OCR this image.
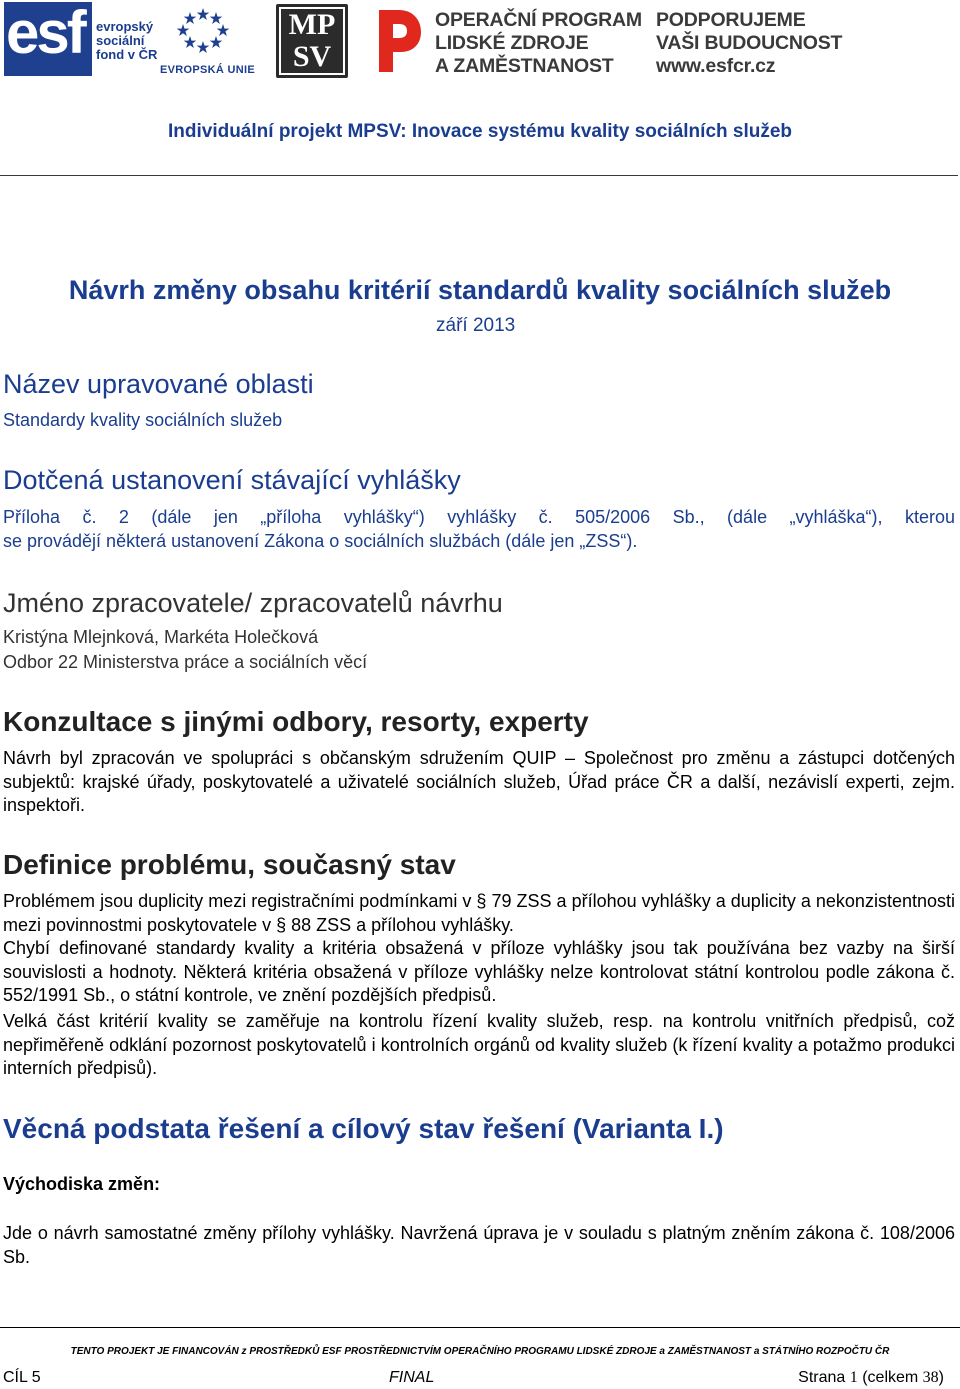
esf evropský
sociální
fond v ČR
EVROPSKÁ UNIE
MP
SV
OPERAČNÍ PROGRAM
LIDSKÉ ZDROJE
A ZAMĚSTNANOST
PODPORUJEME
VAŠI BUDOUCNOST
www.esfcr.cz
Individuální projekt MPSV: Inovace systému kvality sociálních služeb
Návrh změny obsahu kritérií standardů kvality sociálních služeb
září 2013
Název upravované oblasti
Standardy kvality sociálních služeb
Dotčená ustanovení stávající vyhlášky
Příloha č. 2 (dále jen „příloha vyhlášky“) vyhlášky č. 505/2006 Sb., (dále „vyhláška“), kterou
se provádějí některá ustanovení Zákona o sociálních službách (dále jen „ZSS“).
Jméno zpracovatele/ zpracovatelů návrhu
Kristýna Mlejnková, Markéta Holečková
Odbor 22 Ministerstva práce a sociálních věcí
Konzultace s jinými odbory, resorty, experty
Návrh byl zpracován ve spolupráci s občanským sdružením QUIP – Společnost pro změnu a zástupci dotčených subjektů: krajské úřady, poskytovatelé a uživatelé sociálních služeb, Úřad práce ČR a další, nezávislí experti, zejm. inspektoři.
Definice problému, současný stav
Problémem jsou duplicity mezi registračními podmínkami v § 79 ZSS a přílohou vyhlášky a duplicity a nekonzistentnosti mezi povinnostmi poskytovatele v § 88 ZSS a přílohou vyhlášky.
Chybí definované standardy kvality a kritéria obsažená v příloze vyhlášky jsou tak používána bez vazby na širší souvislosti a hodnoty. Některá kritéria obsažená v příloze vyhlášky nelze kontrolovat státní kontrolou podle zákona č. 552/1991 Sb., o státní kontrole, ve znění pozdějších předpisů.
Velká část kritérií kvality se zaměřuje na kontrolu řízení kvality služeb, resp. na kontrolu vnitřních předpisů, což nepřiměřeně odklání pozornost poskytovatelů i kontrolních orgánů od kvality služeb (k řízení kvality a potažmo produkci interních předpisů).
Věcná podstata řešení a cílový stav řešení (Varianta I.)
Východiska změn:
Jde o návrh samostatné změny přílohy vyhlášky. Navržená úprava je v souladu s platným zněním zákona č. 108/2006 Sb.
TENTO PROJEKT JE FINANCOVÁN z PROSTŘEDKŮ ESF PROSTŘEDNICTVÍM OPERAČNÍHO PROGRAMU LIDSKÉ ZDROJE a ZAMĚSTNANOST a STÁTNÍHO ROZPOČTU ČR
CÍL 5	FINAL	Strana 1 (celkem 38)
